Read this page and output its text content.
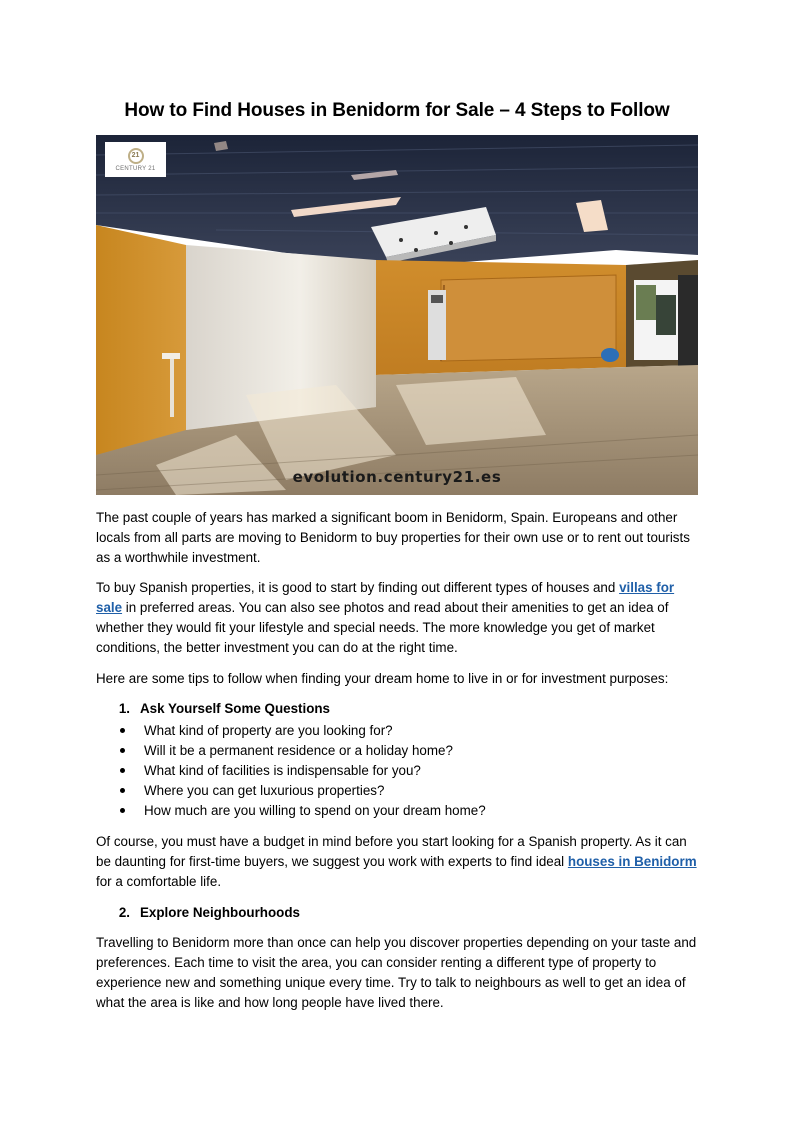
How to Find Houses in Benidorm for Sale – 4 Steps to Follow
21
CENTURY 21
evolution.century21.es

The past couple of years has marked a significant boom in Benidorm, Spain. Europeans and other locals from all parts are moving to Benidorm to buy properties for their own use or to rent out tourists as a worthwhile investment.

To buy Spanish properties, it is good to start by finding out different types of houses and villas for sale in preferred areas. You can also see photos and read about their amenities to get an idea of whether they would fit your lifestyle and special needs. The more knowledge you get of market conditions, the better investment you can do at the right time.

Here are some tips to follow when finding your dream home to live in or for investment purposes:

1. Ask Yourself Some Questions
What kind of property are you looking for?
Will it be a permanent residence or a holiday home?
What kind of facilities is indispensable for you?
Where you can get luxurious properties?
How much are you willing to spend on your dream home?

Of course, you must have a budget in mind before you start looking for a Spanish property. As it can be daunting for first-time buyers, we suggest you work with experts to find ideal houses in Benidorm for a comfortable life.

2. Explore Neighbourhoods

Travelling to Benidorm more than once can help you discover properties depending on your taste and preferences. Each time to visit the area, you can consider renting a different type of property to experience new and something unique every time. Try to talk to neighbours as well to get an idea of what the area is like and how long people have lived there.
